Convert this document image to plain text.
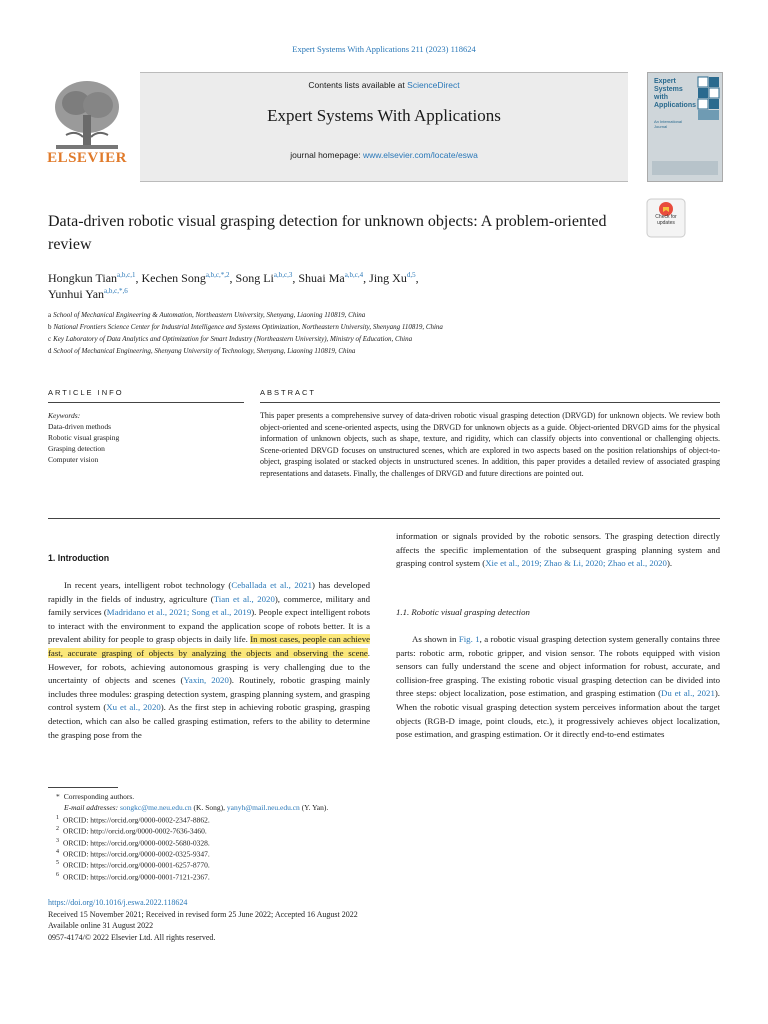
Expert Systems With Applications 211 (2023) 118624
Contents lists available at ScienceDirect
Expert Systems With Applications
journal homepage: www.elsevier.com/locate/eswa
ELSEVIER
Expert Systems with Applications
An International Journal
Data-driven robotic visual grasping detection for unknown objects: A problem-oriented review
Check for updates
Hongkun Tian$^{a,b,c,1}$, Kechen Song$^{a,b,c,*,2}$, Song Li$^{a,b,c,3}$, Shuai Ma$^{a,b,c,4}$, Jing Xu$^{d,5}$,
Yunhui Yan$^{a,b,c,*,6}$
a School of Mechanical Engineering & Automation, Northeastern University, Shenyang, Liaoning 110819, China
b National Frontiers Science Center for Industrial Intelligence and Systems Optimization, Northeastern University, Shenyang 110819, China
c Key Laboratory of Data Analytics and Optimization for Smart Industry (Northeastern University), Ministry of Education, China
d School of Mechanical Engineering, Shenyang University of Technology, Shenyang, Liaoning 110819, China
ARTICLE INFO	ABSTRACT
Keywords:
Data-driven methods
Robotic visual grasping
Grasping detection
Computer vision
This paper presents a comprehensive survey of data-driven robotic visual grasping detection (DRVGD) for unknown objects. We review both object-oriented and scene-oriented aspects, using the DRVGD for unknown objects as a guide. Object-oriented DRVGD aims for the physical information of unknown objects, such as shape, texture, and rigidity, which can classify objects into conventional or challenging objects. Scene-oriented DRVGD focuses on unstructured scenes, which are explored in two aspects based on the position relationships of object-to-object, grasping isolated or stacked objects in unstructured scenes. In addition, this paper provides a detailed review of associated grasping representations and datasets. Finally, the challenges of DRVGD and future directions are pointed out.
1. Introduction
In recent years, intelligent robot technology (Ceballada et al., 2021) has developed rapidly in the fields of industry, agriculture (Tian et al., 2020), commerce, military and family services (Madridano et al., 2021; Song et al., 2019). People expect intelligent robots to interact with the environment to expand the application scope of robots better. It is a prevalent ability for people to grasp objects in daily life. In most cases, people can achieve fast, accurate grasping of objects by analyzing the objects and observing the scene. However, for robots, achieving autonomous grasping is very challenging due to the uncertainty of objects and scenes (Yaxin, 2020). Routinely, robotic grasping mainly includes three modules: grasping detection system, grasping planning system, and grasping control system (Xu et al., 2020). As the first step in achieving robotic grasping, grasping detection, which can also be called grasping estimation, refers to the ability to determine the grasping pose from the
information or signals provided by the robotic sensors. The grasping detection directly affects the specific implementation of the subsequent grasping planning system and grasping control system (Xie et al., 2019; Zhao & Li, 2020; Zhao et al., 2020).
1.1. Robotic visual grasping detection
As shown in Fig. 1, a robotic visual grasping detection system generally contains three parts: robotic arm, robotic gripper, and vision sensor. The robots equipped with vision sensors can fully understand the scene and object information for robust, accurate, and collision-free grasping. The existing robotic visual grasping detection can be divided into three steps: object localization, pose estimation, and grasping estimation (Du et al., 2021). When the robotic visual grasping detection system perceives information about the target objects (RGB-D image, point clouds, etc.), it progressively achieves object localization, pose estimation, and grasping estimation. Or it directly end-to-end estimates
* Corresponding authors.
E-mail addresses: songkc@me.neu.edu.cn (K. Song), yanyh@mail.neu.edu.cn (Y. Yan).
$^1$ ORCID: https://orcid.org/0000-0002-2347-8862.
$^2$ ORCID: http://orcid.org/0000-0002-7636-3460.
$^3$ ORCID: https://orcid.org/0000-0002-5680-0328.
$^4$ ORCID: https://orcid.org/0000-0002-0325-9347.
$^5$ ORCID: https://orcid.org/0000-0001-6257-8770.
$^6$ ORCID: https://orcid.org/0000-0001-7121-2367.
https://doi.org/10.1016/j.eswa.2022.118624
Received 15 November 2021; Received in revised form 25 June 2022; Accepted 16 August 2022
Available online 31 August 2022
0957-4174/© 2022 Elsevier Ltd. All rights reserved.
